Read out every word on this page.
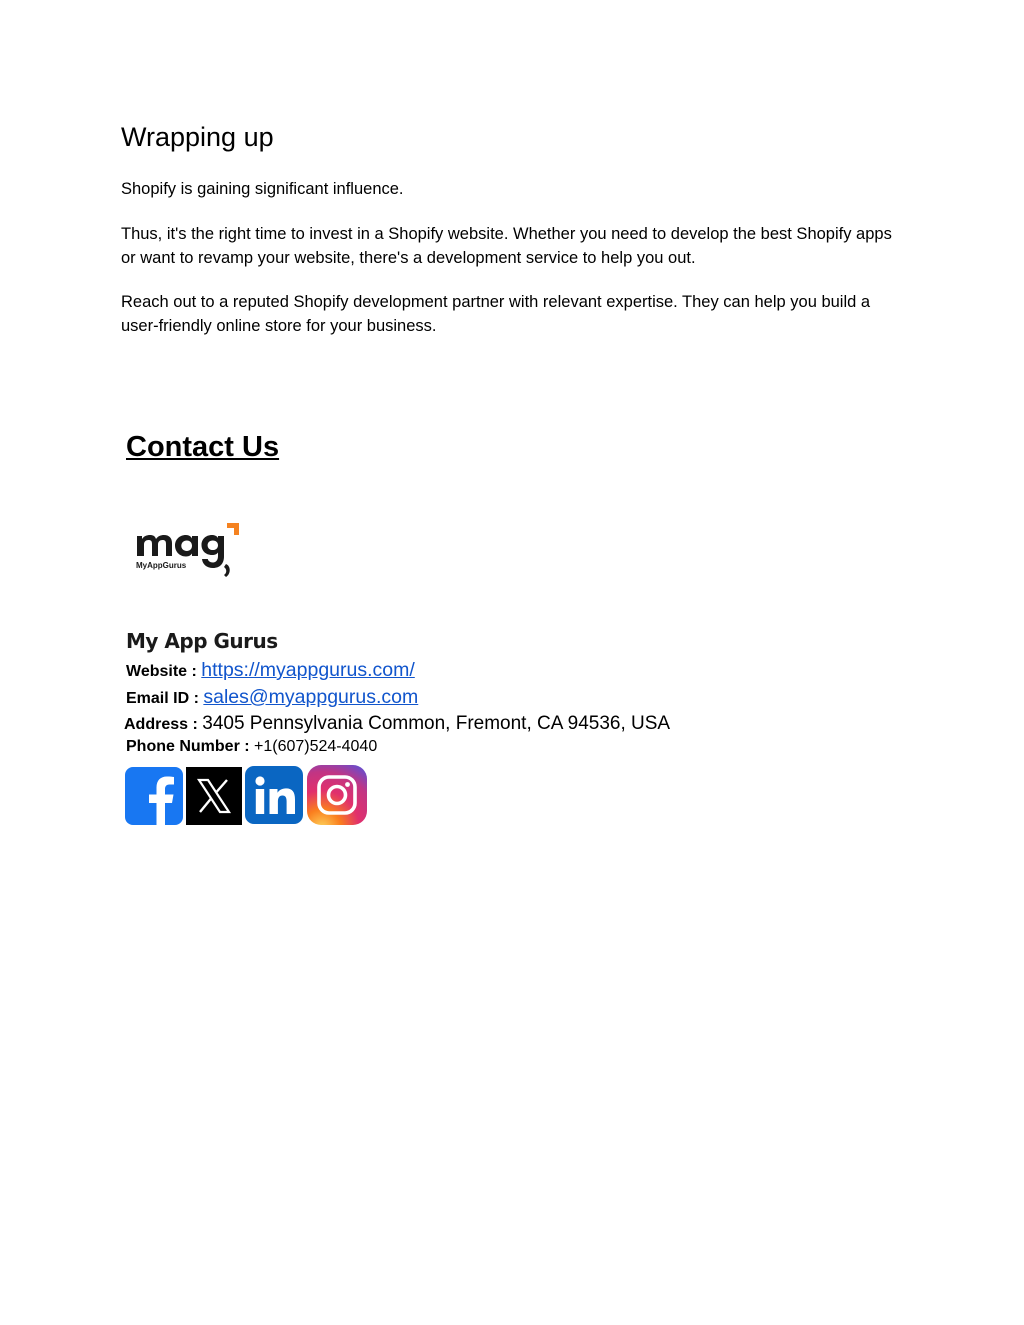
Wrapping up

Shopify is gaining significant influence.

Thus, it's the right time to invest in a Shopify website. Whether you need to develop the best Shopify apps or want to revamp your website, there's a development service to help you out.

Reach out to a reputed Shopify development partner with relevant expertise. They can help you build a user-friendly online store for your business.

Contact Us
MyAppGurus
My App Gurus
Website : https://myappgurus.com/
Email ID : sales@myappgurus.com
Address : 3405 Pennsylvania Common, Fremont, CA 94536, USA
Phone Number : +1(607)524-4040
